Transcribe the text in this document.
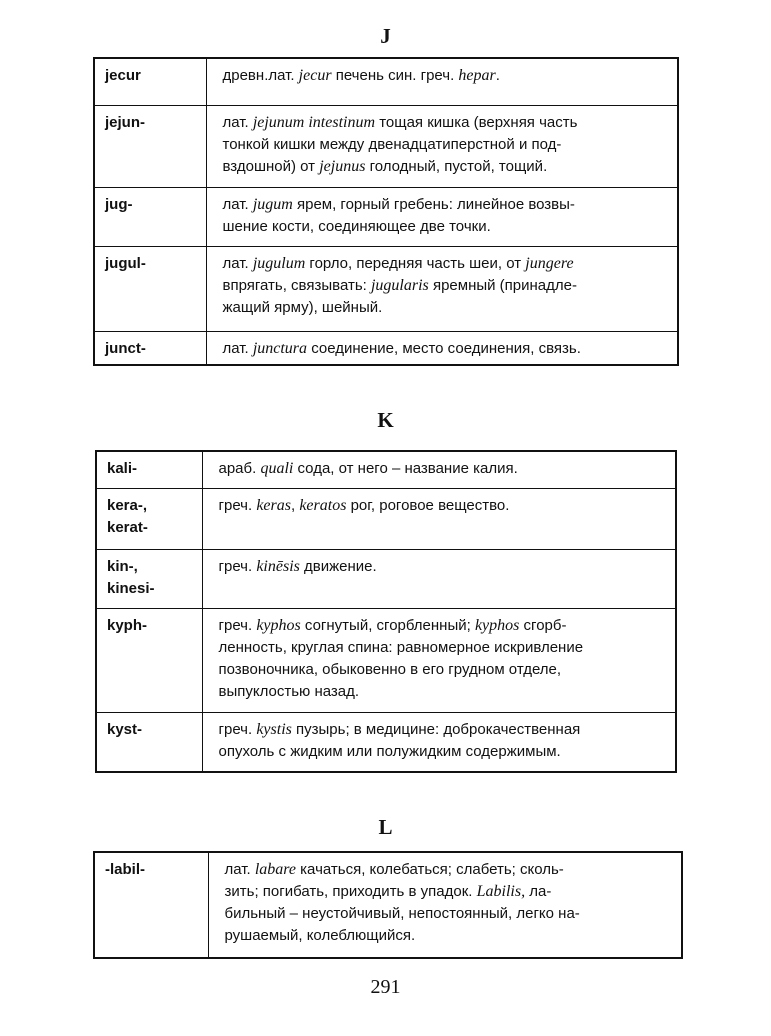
J
jecur	древн.лат. jecur печень син. греч. hepar.
jejun-	лат. jejunum intestinum тощая кишка (верхняя часть
тонкой кишки между двенадцатиперстной и под-
вздошной) от jejunus голодный, пустой, тощий.
jug-	лат. jugum ярем, горный гребень: линейное возвы-
шение кости, соединяющее две точки.
jugul-	лат. jugulum горло, передняя часть шеи, от jungere
впрягать, связывать: jugularis яремный (принадле-
жащий ярму), шейный.
junct-	лат. junctura соединение, место соединения, связь.
K
kali-	араб. quali сода, от него – название калия.
kera-,
kerat-	греч. keras, keratos рог, роговое вещество.
kin-,
kinesi-	греч. kinēsis движение.
kyph-	греч. kyphos согнутый, сгорбленный; kyphos сгорб-
ленность, круглая спина: равномерное искривление
позвоночника, обыковенно в его грудном отделе,
выпуклостью назад.
kyst-	греч. kystis пузырь; в медицине: доброкачественная
опухоль с жидким или полужидким содержимым.
L
-labil-	лат. labare качаться, колебаться; слабеть; сколь-
зить; погибать, приходить в упадок. Labilis, ла-
бильный – неустойчивый, непостоянный, легко на-
рушаемый, колеблющийся.
291
